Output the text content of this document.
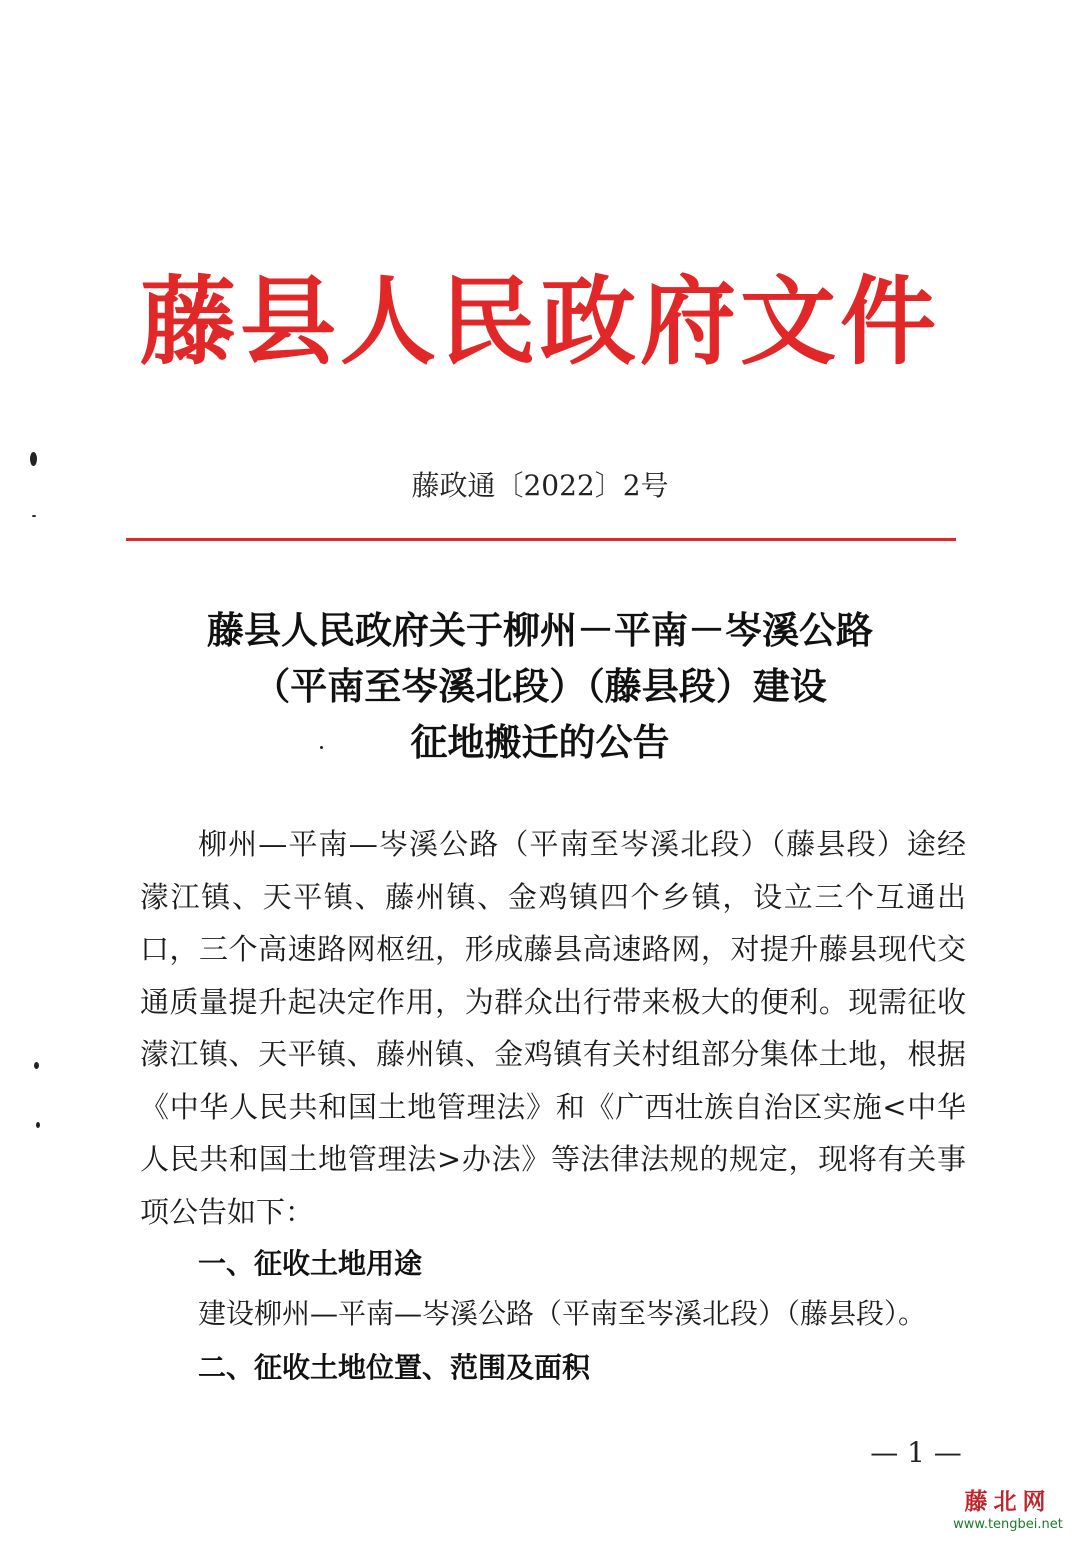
藤县人民政府文件
藤政通〔2022〕2号
藤县人民政府关于柳州－平南－岑溪公路
（平南至岑溪北段）（藤县段）建设
征地搬迁的公告

柳州—平南—岑溪公路（平南至岑溪北段）（藤县段）途经濛江镇、天平镇、藤州镇、金鸡镇四个乡镇，设立三个互通出口，三个高速路网枢纽，形成藤县高速路网，对提升藤县现代交通质量提升起决定作用，为群众出行带来极大的便利。现需征收濛江镇、天平镇、藤州镇、金鸡镇有关村组部分集体土地，根据《中华人民共和国土地管理法》和《广西壮族自治区实施<中华人民共和国土地管理法>办法》等法律法规的规定，现将有关事项公告如下：

一、征收土地用途
建设柳州—平南—岑溪公路（平南至岑溪北段）（藤县段）。
二、征收土地位置、范围及面积
— 1 —
藤北网
www.tengbei.net
